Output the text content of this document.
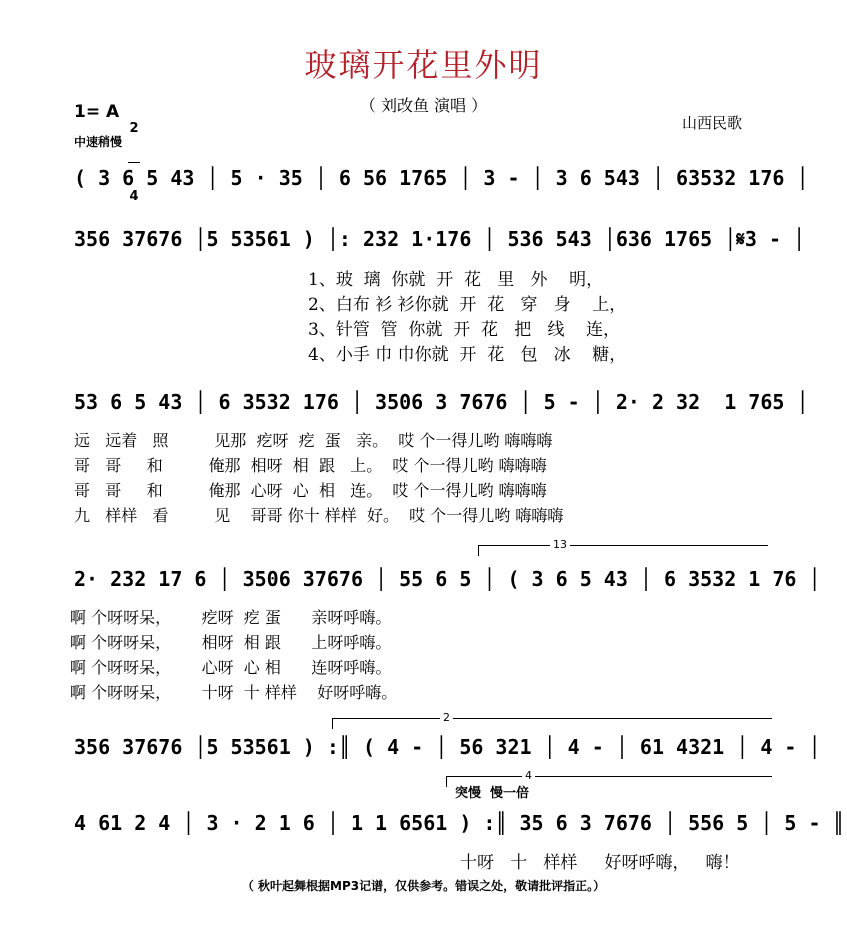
玻璃开花里外明
（ 刘改鱼 演唱 ）
山西民歌
1= A

2

4

中速稍慢
( 3 6 5 43 │ 5 · 35 │ 6 56 1765 │ 3 - │ 3 6 543 │ 63532 176 │
356 37676 │5 53561 ) │: 232 1·176 │ 536 543 │636 1765 │𝄋3 - │
1、玻  璃  你就  开  花   里   外    明，
2、白布 衫 衫你就  开  花   穿   身    上，
3、针管  管  你就  开  花   把   线    连，
4、小手 巾 巾你就  开  花   包   冰    糖，
53 6 5 43 │ 6 3532 176 │ 3506 3 7676 │ 5 - │ 2· 2 32  1 765 │
远   远着   照         见那  疙呀  疙  蛋   亲。  哎 个一得儿哟 嗨嗨嗨
哥   哥     和         俺那  相呀  相  跟   上。  哎 个一得儿哟 嗨嗨嗨
哥   哥     和         俺那  心呀  心  相   连。  哎 个一得儿哟 嗨嗨嗨
九   样样   看         见    哥哥 你十 样样  好。  哎 个一得儿哟 嗨嗨嗨
13
2· 232 17 6 │ 3506 37676 │ 55 6 5 │ ( 3 6 5 43 │ 6 3532 1 76 │
啊 个呀呀呆，      疙呀  疙 蛋      亲呀呼嗨。
啊 个呀呀呆，      相呀  相 跟      上呀呼嗨。
啊 个呀呀呆，      心呀  心 相      连呀呼嗨。
啊 个呀呀呆，      十呀  十 样样    好呀呼嗨。
2
356 37676 │5 53561 ) :║ ( 4 - │ 56 321 │ 4 - │ 61 4321 │ 4 - │
4
突慢  慢一倍
4 61 2 4 │ 3 · 2 1 6 │ 1 1 6561 ) :║ 35 6 3 7676 │ 556 5 │ 5 - ║
十呀   十   样样     好呀呼嗨，   嗨！
（ 秋叶起舞根据MP3记谱，仅供参考。错误之处，敬请批评指正。）
